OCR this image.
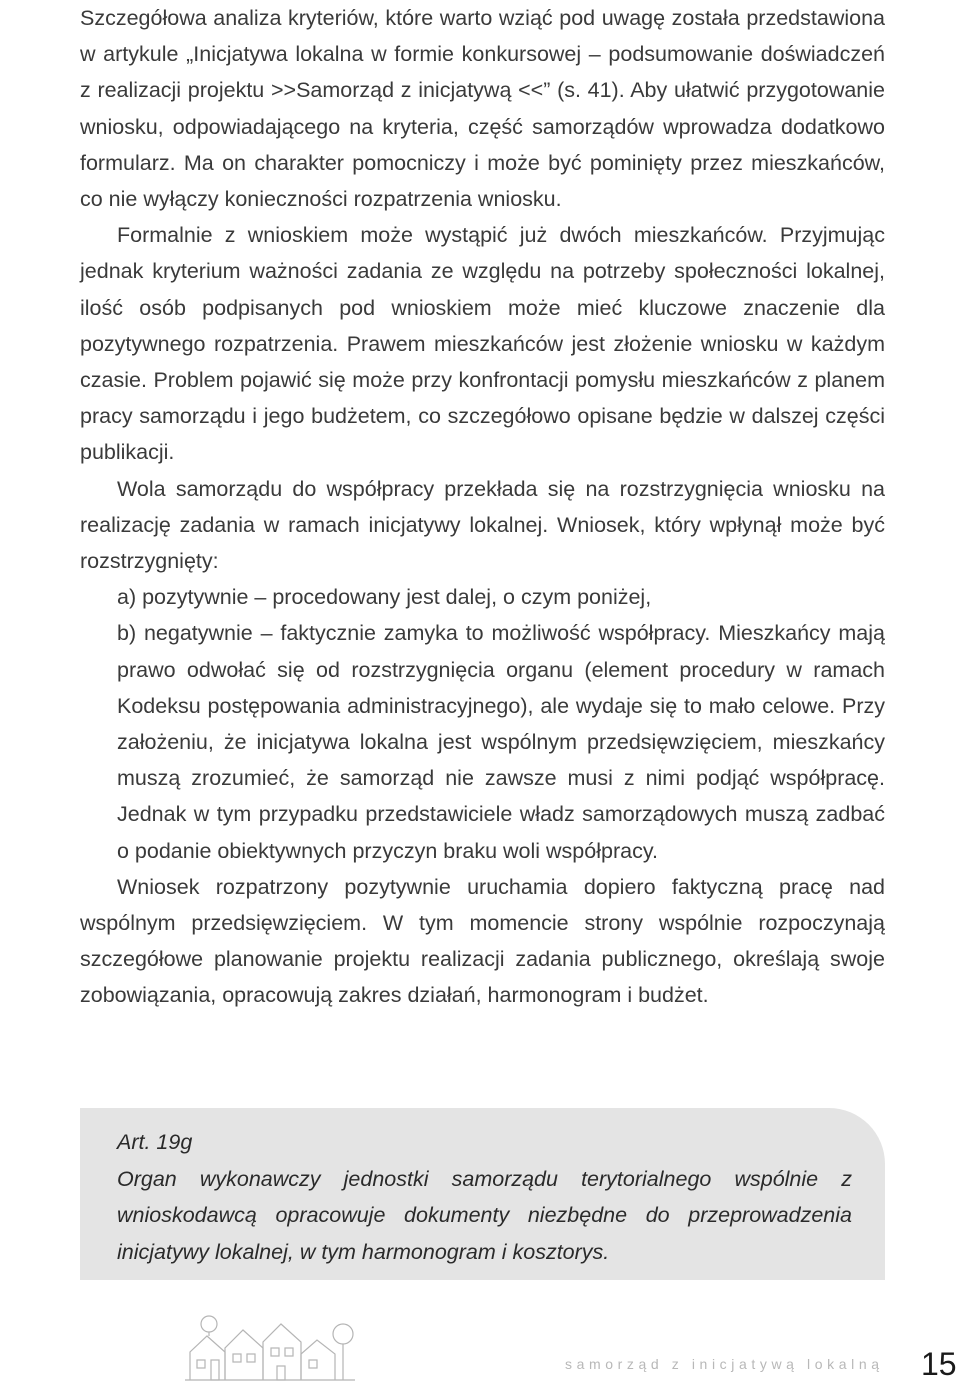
Szczegółowa analiza kryteriów, które warto wziąć pod uwagę została przedstawiona w artykule „Inicjatywa lokalna w formie konkursowej – podsumowanie doświadczeń z realizacji projektu >>Samorząd z inicjatywą <<” (s. 41). Aby ułatwić przygotowanie wniosku, odpowiadającego na kryteria, część samorządów wprowadza dodatkowo formularz. Ma on charakter pomocniczy i może być pominięty przez mieszkańców, co nie wyłączy konieczności rozpatrzenia wniosku.

Formalnie z wnioskiem może wystąpić już dwóch mieszkańców. Przyjmując jednak kryterium ważności zadania ze względu na potrzeby społeczności lokalnej, ilość osób podpisanych pod wnioskiem może mieć kluczowe znaczenie dla pozytywnego rozpatrzenia. Prawem mieszkańców jest złożenie wniosku w każdym czasie. Problem pojawić się może przy konfrontacji pomysłu mieszkańców z planem pracy samorządu i jego budżetem, co szczegółowo opisane będzie w dalszej części publikacji.

Wola samorządu do współpracy przekłada się na rozstrzygnięcia wniosku na realizację zadania w ramach inicjatywy lokalnej. Wniosek, który wpłynął może być rozstrzygnięty:

a) pozytywnie – procedowany jest dalej, o czym poniżej,

b) negatywnie – faktycznie zamyka to możliwość współpracy. Mieszkańcy mają prawo odwołać się od rozstrzygnięcia organu (element procedury w ramach Kodeksu postępowania administracyjnego), ale wydaje się to mało celowe. Przy założeniu, że inicjatywa lokalna jest wspólnym przedsięwzięciem, mieszkańcy muszą zrozumieć, że samorząd nie zawsze musi z nimi podjąć współpracę. Jednak w tym przypadku przedstawiciele władz samorządowych muszą zadbać o podanie obiektywnych przyczyn braku woli współpracy.

Wniosek rozpatrzony pozytywnie uruchamia dopiero faktyczną pracę nad wspólnym przedsięwzięciem. W tym momencie strony wspólnie rozpoczynają szczegółowe planowanie projektu realizacji zadania publicznego, określają swoje zobowiązania, opracowują zakres działań, harmonogram i budżet.

Art. 19g

Organ wykonawczy jednostki samorządu terytorialnego wspólnie z wnioskodawcą opracowuje dokumenty niezbędne do przeprowadzenia inicjatywy lokalnej, w tym harmonogram i kosztorys.

samorząd z inicjatywą lokalną 15
